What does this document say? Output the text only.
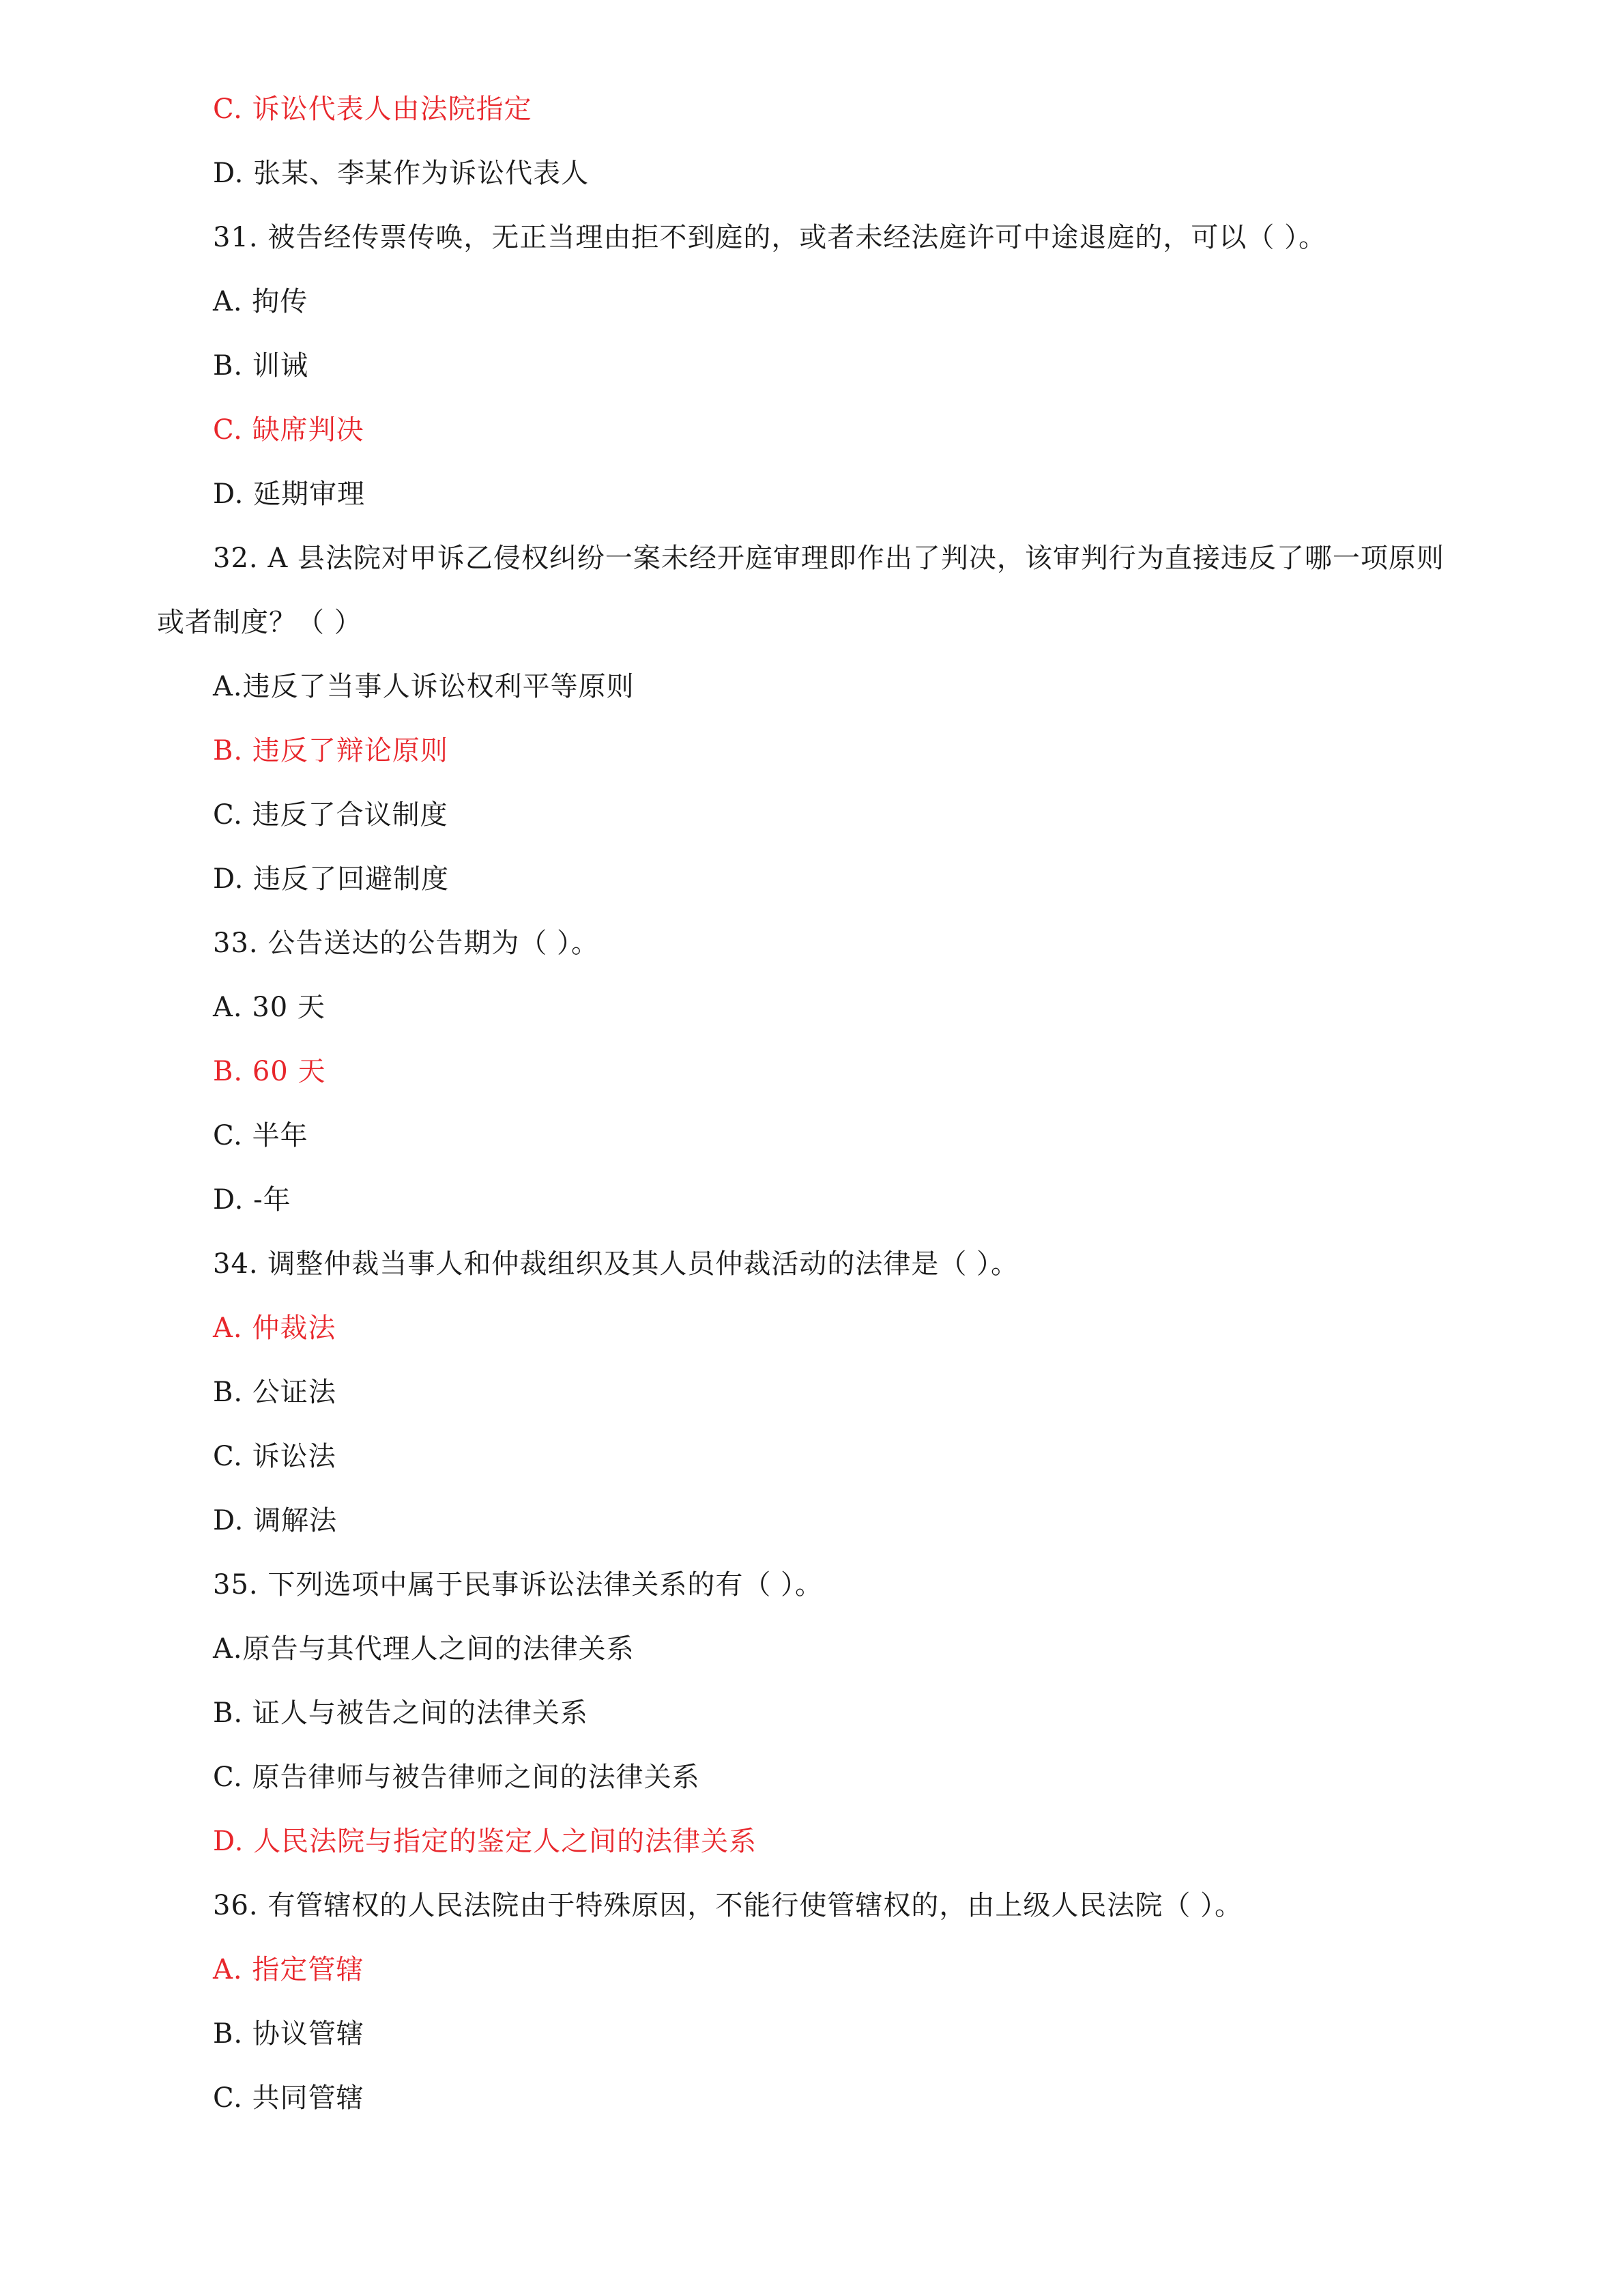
C. 诉讼代表人由法院指定
D. 张某、李某作为诉讼代表人
31. 被告经传票传唤，无正当理由拒不到庭的，或者未经法庭许可中途退庭的，可以（ ）。
A. 拘传
B. 训诫
C. 缺席判决
D. 延期审理
32. A 县法院对甲诉乙侵权纠纷一案未经开庭审理即作出了判决，该审判行为直接违反了哪一项原则
或者制度？（ ）
A.违反了当事人诉讼权利平等原则
B. 违反了辩论原则
C. 违反了合议制度
D. 违反了回避制度
33. 公告送达的公告期为（ ）。
A. 30 天
B. 60 天
C. 半年
D. -年
34. 调整仲裁当事人和仲裁组织及其人员仲裁活动的法律是（ ）。
A. 仲裁法
B. 公证法
C. 诉讼法
D. 调解法
35. 下列选项中属于民事诉讼法律关系的有（ ）。
A.原告与其代理人之间的法律关系
B. 证人与被告之间的法律关系
C. 原告律师与被告律师之间的法律关系
D. 人民法院与指定的鉴定人之间的法律关系
36. 有管辖权的人民法院由于特殊原因，不能行使管辖权的，由上级人民法院（ ）。
A. 指定管辖
B. 协议管辖
C. 共同管辖
